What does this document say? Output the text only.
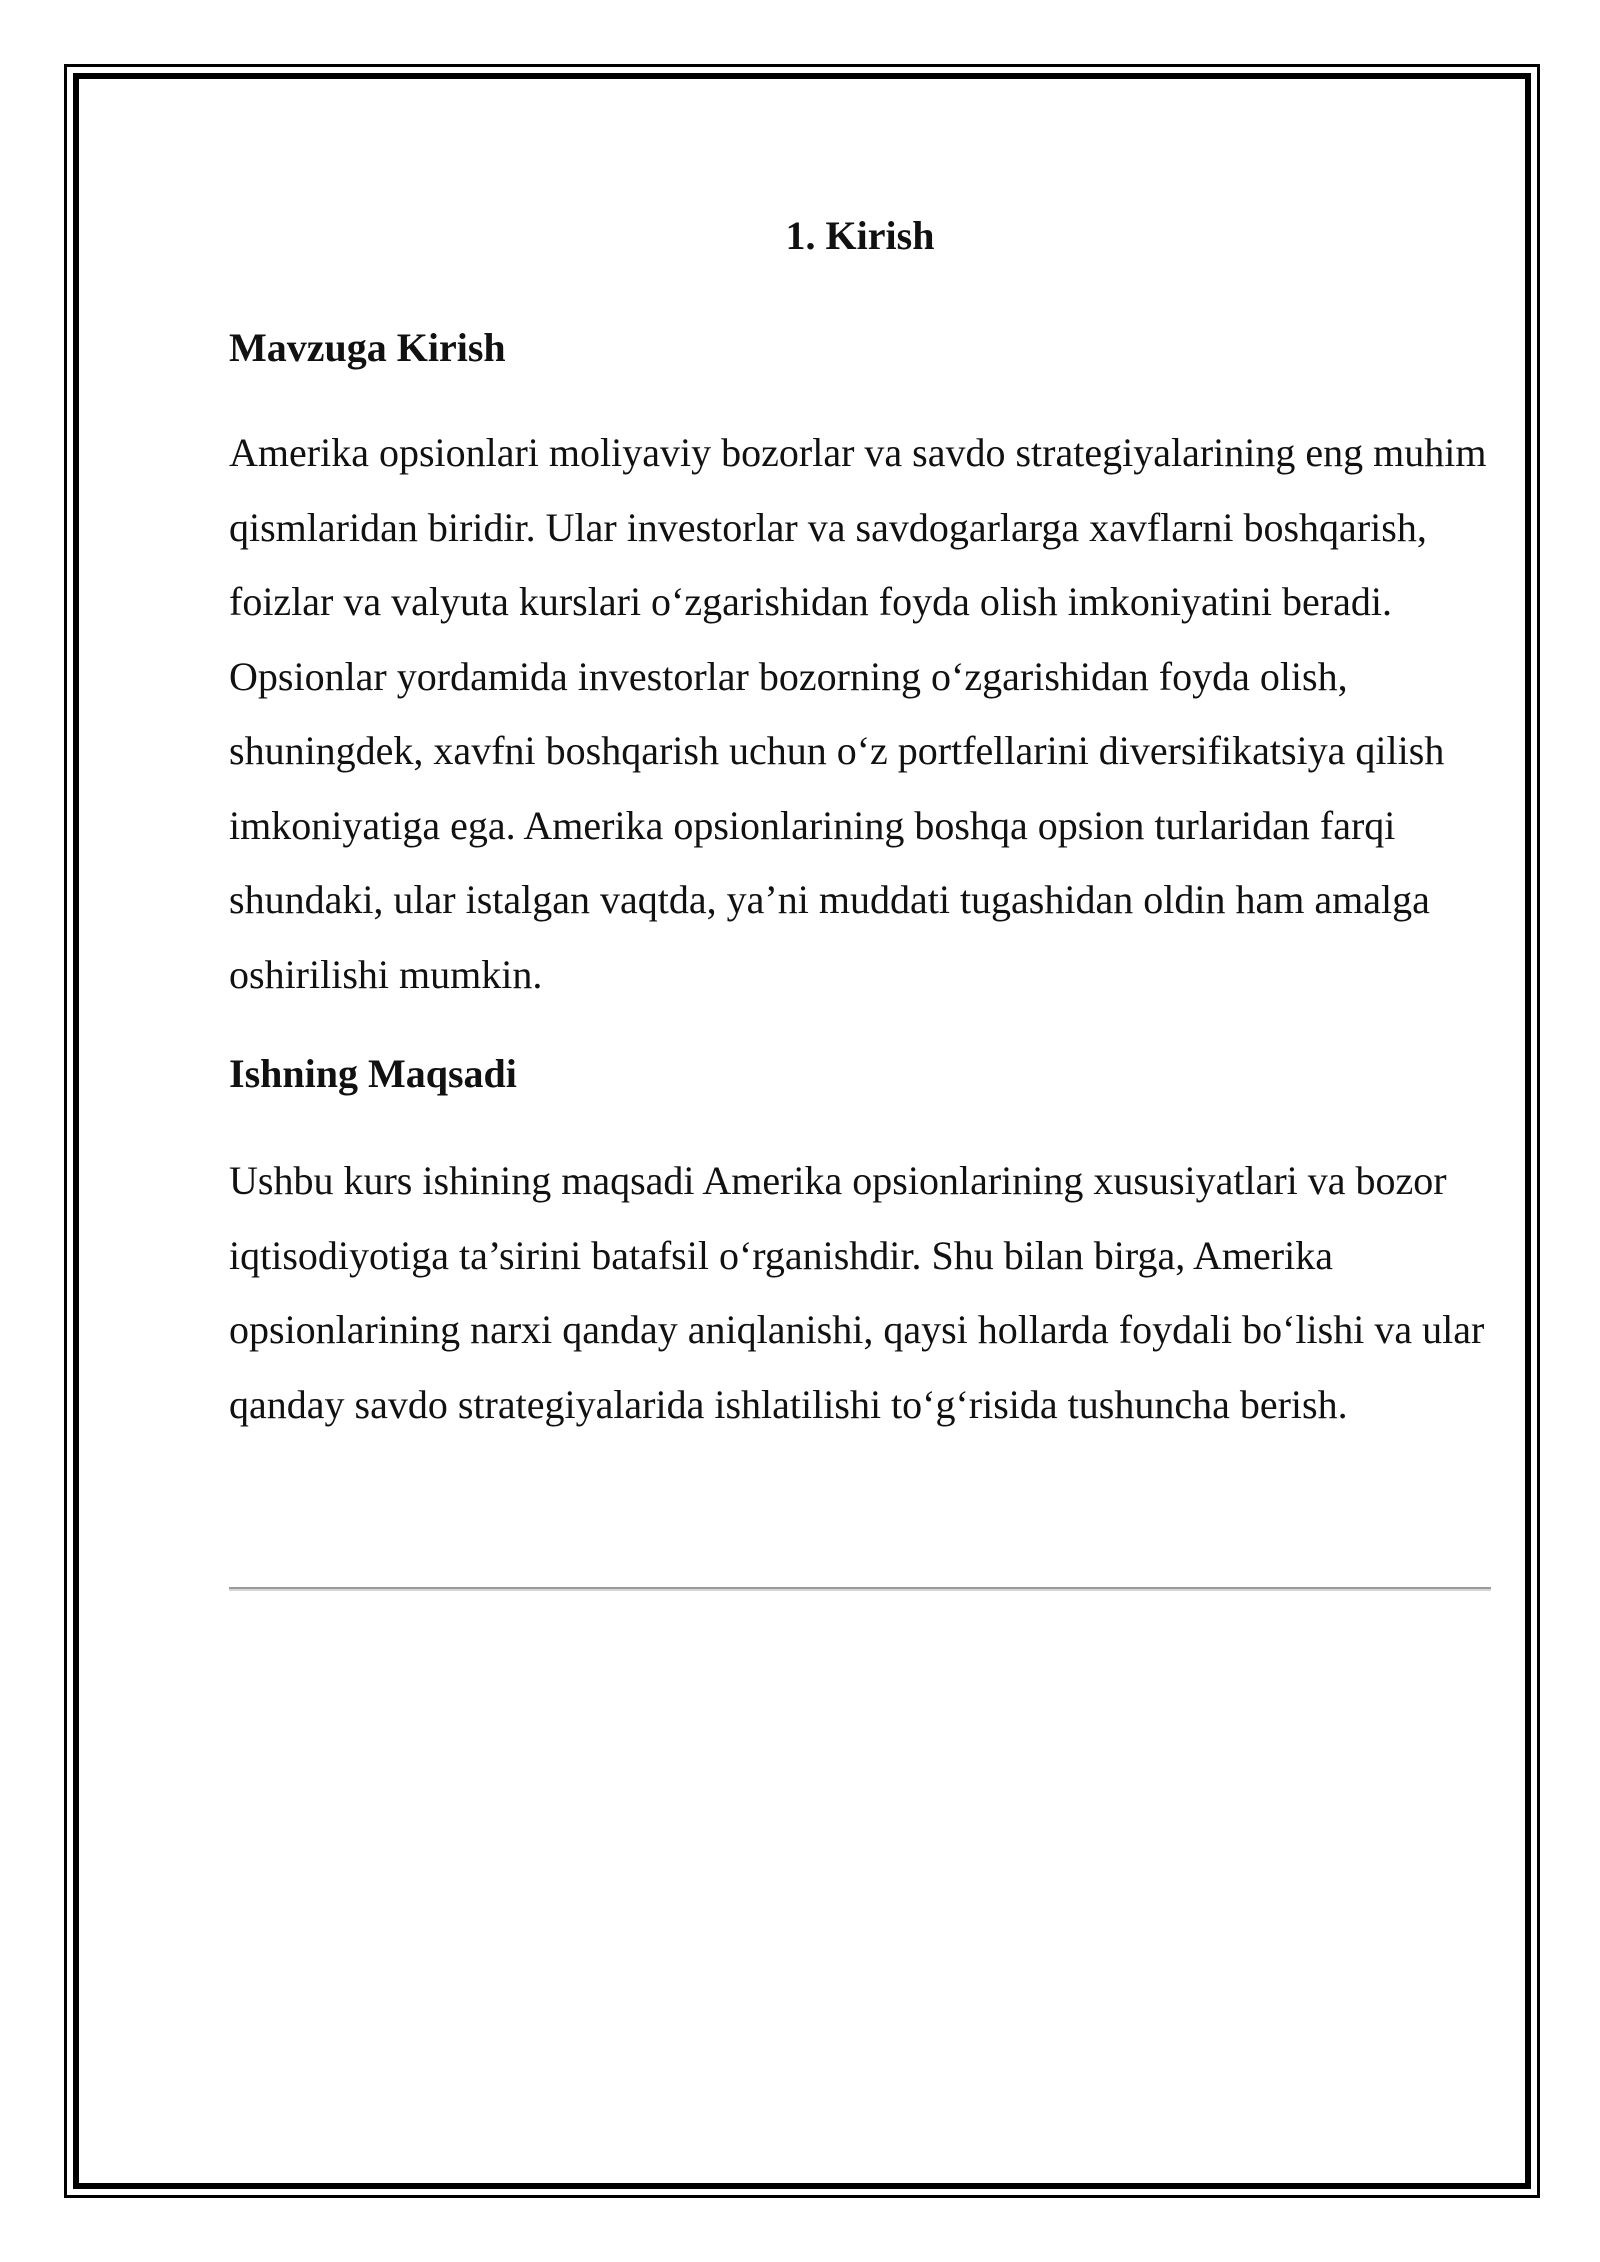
1. Kirish
Mavzuga Kirish

Amerika opsionlari moliyaviy bozorlar va savdo strategiyalarining eng muhim qismlaridan biridir. Ular investorlar va savdogarlarga xavflarni boshqarish, foizlar va valyuta kurslari o‘zgarishidan foyda olish imkoniyatini beradi. Opsionlar yordamida investorlar bozorning o‘zgarishidan foyda olish, shuningdek, xavfni boshqarish uchun o‘z portfellarini diversifikatsiya qilish imkoniyatiga ega. Amerika opsionlarining boshqa opsion turlaridan farqi shundaki, ular istalgan vaqtda, ya’ni muddati tugashidan oldin ham amalga oshirilishi mumkin.

Ishning Maqsadi

Ushbu kurs ishining maqsadi Amerika opsionlarining xususiyatlari va bozor iqtisodiyotiga ta’sirini batafsil o‘rganishdir. Shu bilan birga, Amerika opsionlarining narxi qanday aniqlanishi, qaysi hollarda foydali bo‘lishi va ular qanday savdo strategiyalarida ishlatilishi to‘g‘risida tushuncha berish.
